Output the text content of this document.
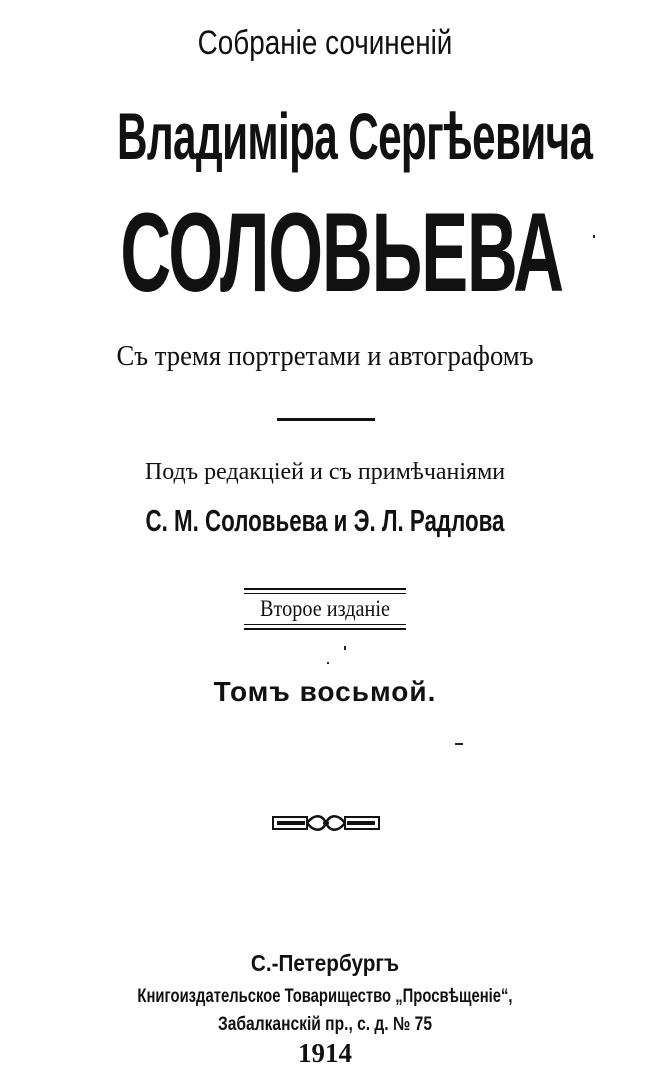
Собраніе сочиненій
Владиміра Сергѣевича
СОЛОВЬЕВА
Съ тремя портретами и автографомъ
Подъ редакціей и съ примѣчаніями
С. М. Соловьева и Э. Л. Радлова
Второе изданіе
Томъ восьмой.
С.-Петербургъ
Книгоиздательское Товарищество „Просвѣщеніе“,
Забалканскій пр., с. д. № 75
1914
